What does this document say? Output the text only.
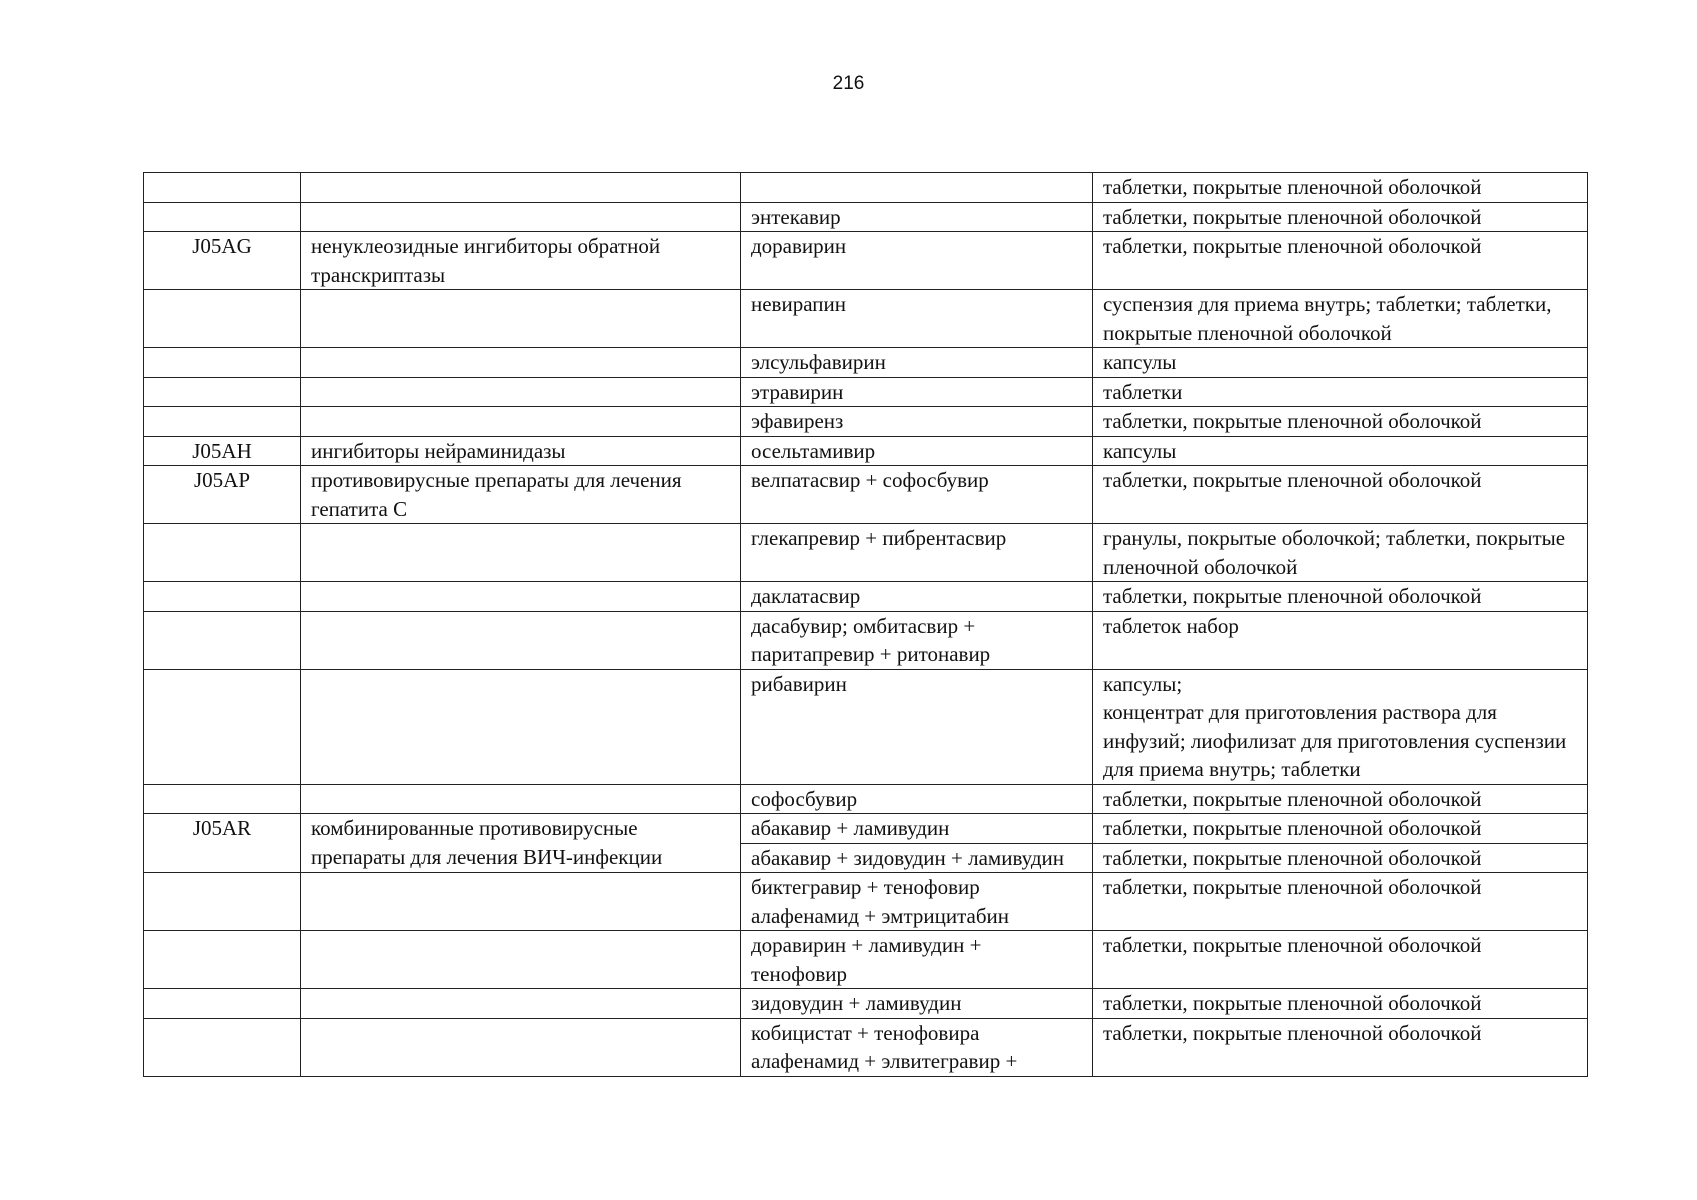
216
			таблетки, покрытые пленочной оболочкой
		энтекавир	таблетки, покрытые пленочной оболочкой
J05AG	ненуклеозидные ингибиторы обратной транскриптазы	доравирин	таблетки, покрытые пленочной оболочкой
		невирапин	суспензия для приема внутрь; таблетки; таблетки, покрытые пленочной оболочкой
		элсульфавирин	капсулы
		этравирин	таблетки
		эфавиренз	таблетки, покрытые пленочной оболочкой
J05AH	ингибиторы нейраминидазы	осельтамивир	капсулы
J05AP	противовирусные препараты для лечения гепатита С	велпатасвир + софосбувир	таблетки, покрытые пленочной оболочкой
		глекапревир + пибрентасвир	гранулы, покрытые оболочкой; таблетки, покрытые пленочной оболочкой
		даклатасвир	таблетки, покрытые пленочной оболочкой
		дасабувир; омбитасвир + паритапревир + ритонавир	таблеток набор
		рибавирин	капсулы;
концентрат для приготовления раствора для инфузий; лиофилизат для приготовления суспензии для приема внутрь; таблетки
		софосбувир	таблетки, покрытые пленочной оболочкой
J05AR	комбинированные противовирусные препараты для лечения ВИЧ-инфекции	абакавир + ламивудин	таблетки, покрытые пленочной оболочкой
		абакавир + зидовудин + ламивудин	таблетки, покрытые пленочной оболочкой
		биктегравир + тенофовир алафенамид + эмтрицитабин	таблетки, покрытые пленочной оболочкой
		доравирин + ламивудин + тенофовир	таблетки, покрытые пленочной оболочкой
		зидовудин + ламивудин	таблетки, покрытые пленочной оболочкой
		кобицистат + тенофовира алафенамид + элвитегравир +	таблетки, покрытые пленочной оболочкой
